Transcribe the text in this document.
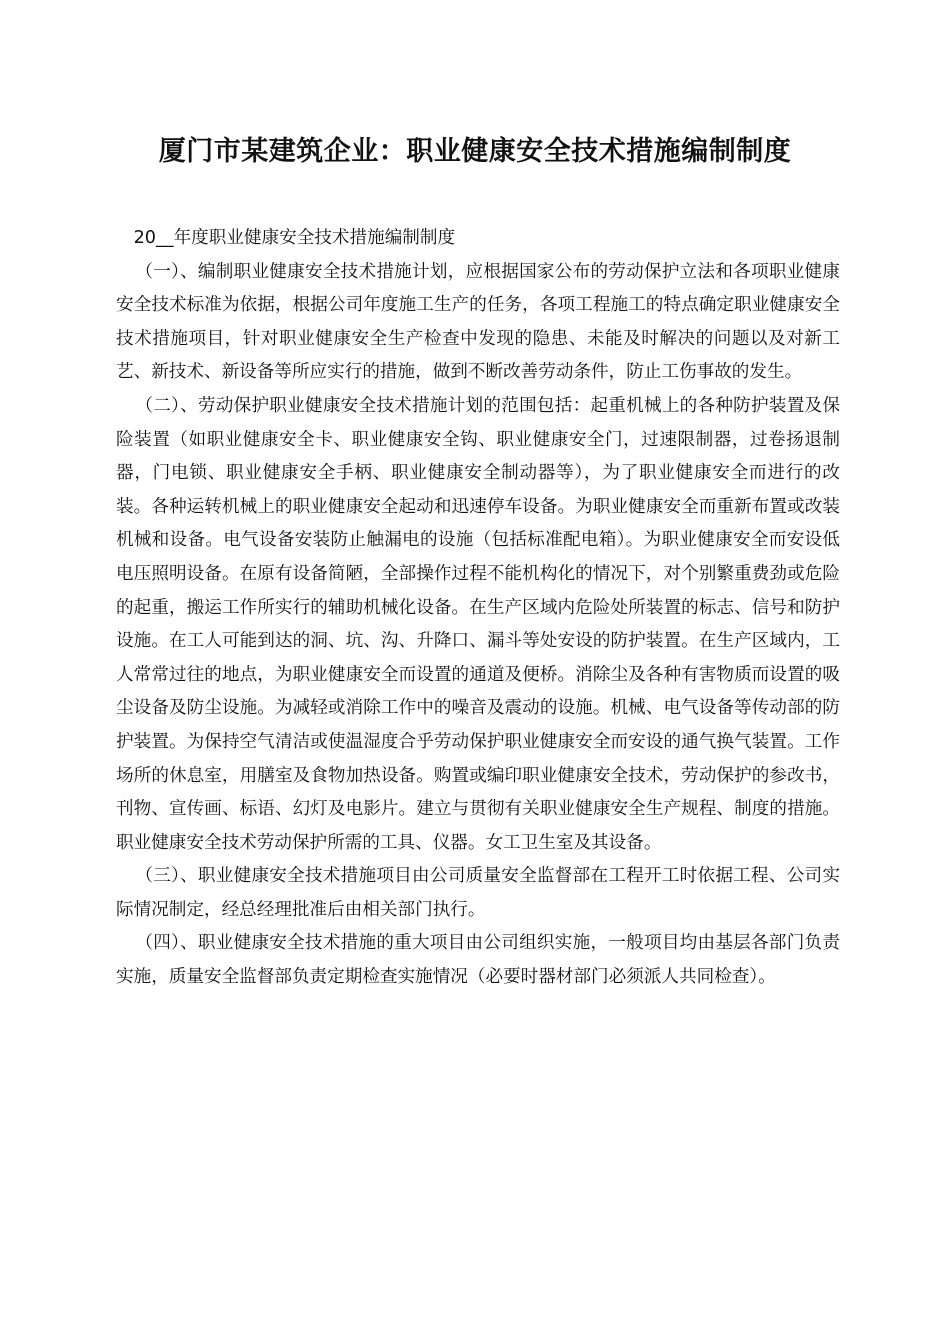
厦门市某建筑企业：职业健康安全技术措施编制制度

20__年度职业健康安全技术措施编制制度

（一）、编制职业健康安全技术措施计划，应根据国家公布的劳动保护立法和各项职业健康安全技术标准为依据，根据公司年度施工生产的任务，各项工程施工的特点确定职业健康安全技术措施项目，针对职业健康安全生产检查中发现的隐患、未能及时解决的问题以及对新工艺、新技术、新设备等所应实行的措施，做到不断改善劳动条件，防止工伤事故的发生。

（二）、劳动保护职业健康安全技术措施计划的范围包括：起重机械上的各种防护装置及保险装置（如职业健康安全卡、职业健康安全钩、职业健康安全门，过速限制器，过卷扬退制器，门电锁、职业健康安全手柄、职业健康安全制动器等），为了职业健康安全而进行的改装。各种运转机械上的职业健康安全起动和迅速停车设备。为职业健康安全而重新布置或改装机械和设备。电气设备安装防止触漏电的设施（包括标准配电箱）。为职业健康安全而安设低电压照明设备。在原有设备简陋，全部操作过程不能机构化的情况下，对个别繁重费劲或危险的起重，搬运工作所实行的辅助机械化设备。在生产区域内危险处所装置的标志、信号和防护设施。在工人可能到达的洞、坑、沟、升降口、漏斗等处安设的防护装置。在生产区域内，工人常常过往的地点，为职业健康安全而设置的通道及便桥。消除尘及各种有害物质而设置的吸尘设备及防尘设施。为减轻或消除工作中的噪音及震动的设施。机械、电气设备等传动部的防护装置。为保持空气清洁或使温湿度合乎劳动保护职业健康安全而安设的通气换气装置。工作场所的休息室，用膳室及食物加热设备。购置或编印职业健康安全技术，劳动保护的参改书，刊物、宣传画、标语、幻灯及电影片。建立与贯彻有关职业健康安全生产规程、制度的措施。职业健康安全技术劳动保护所需的工具、仪器。女工卫生室及其设备。

（三）、职业健康安全技术措施项目由公司质量安全监督部在工程开工时依据工程、公司实际情况制定，经总经理批准后由相关部门执行。

（四）、职业健康安全技术措施的重大项目由公司组织实施，一般项目均由基层各部门负责实施，质量安全监督部负责定期检查实施情况（必要时器材部门必须派人共同检查）。
